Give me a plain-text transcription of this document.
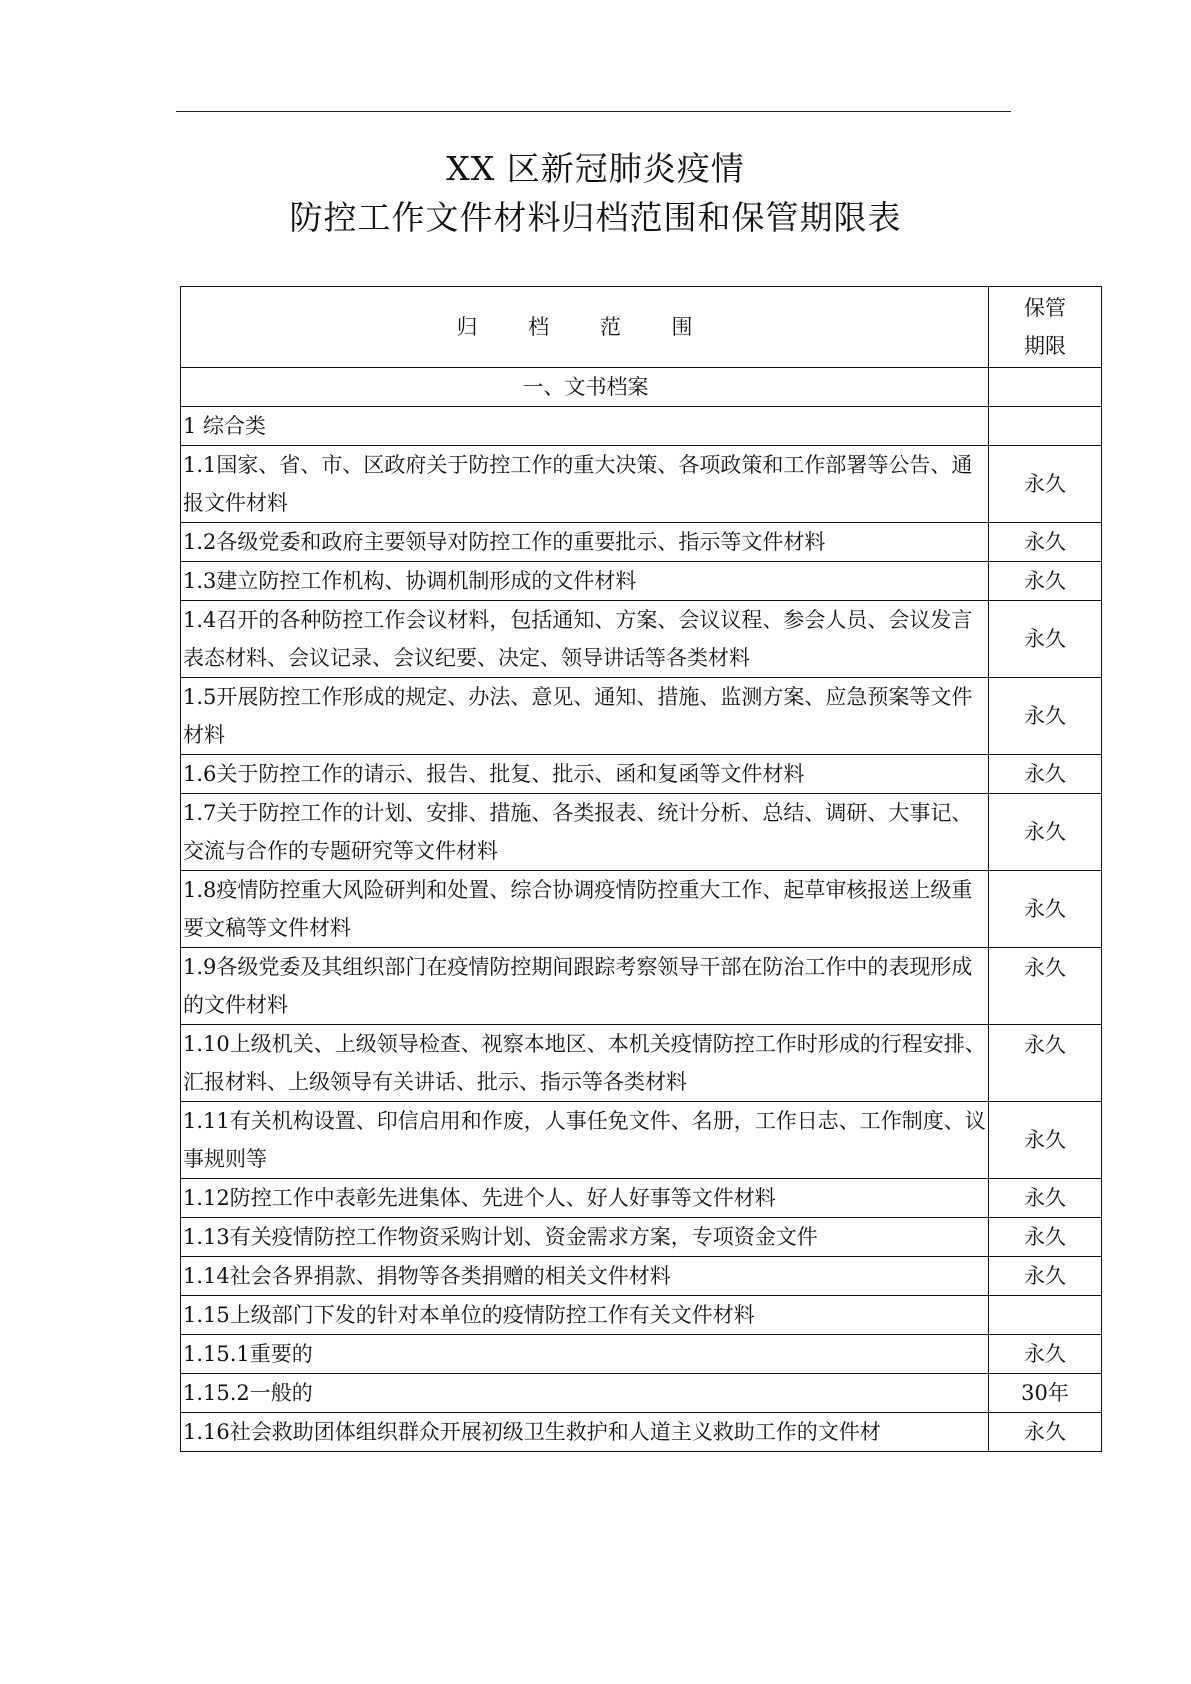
XX 区新冠肺炎疫情
防控工作文件材料归档范围和保管期限表
归 档 范 围	保管
期限

一、文书档案	
1 综合类	
1.1国家、省、市、区政府关于防控工作的重大决策、各项政策和工作部署等公告、通报文件材料	永久
1.2各级党委和政府主要领导对防控工作的重要批示、指示等文件材料	永久
1.3建立防控工作机构、协调机制形成的文件材料	永久
1.4召开的各种防控工作会议材料，包括通知、方案、会议议程、参会人员、会议发言表态材料、会议记录、会议纪要、决定、领导讲话等各类材料	永久
1.5开展防控工作形成的规定、办法、意见、通知、措施、监测方案、应急预案等文件材料	永久
1.6关于防控工作的请示、报告、批复、批示、函和复函等文件材料	永久
1.7关于防控工作的计划、安排、措施、各类报表、统计分析、总结、调研、大事记、交流与合作的专题研究等文件材料	永久
1.8疫情防控重大风险研判和处置、综合协调疫情防控重大工作、起草审核报送上级重要文稿等文件材料	永久
1.9各级党委及其组织部门在疫情防控期间跟踪考察领导干部在防治工作中的表现形成的文件材料	永久
1.10上级机关、上级领导检查、视察本地区、本机关疫情防控工作时形成的行程安排、汇报材料、上级领导有关讲话、批示、指示等各类材料	永久
1.11有关机构设置、印信启用和作废，人事任免文件、名册，工作日志、工作制度、议事规则等	永久
1.12防控工作中表彰先进集体、先进个人、好人好事等文件材料	永久
1.13有关疫情防控工作物资采购计划、资金需求方案，专项资金文件	永久
1.14社会各界捐款、捐物等各类捐赠的相关文件材料	永久
1.15上级部门下发的针对本单位的疫情防控工作有关文件材料	
1.15.1重要的	永久
1.15.2一般的	30年
1.16社会救助团体组织群众开展初级卫生救护和人道主义救助工作的文件材	永久
